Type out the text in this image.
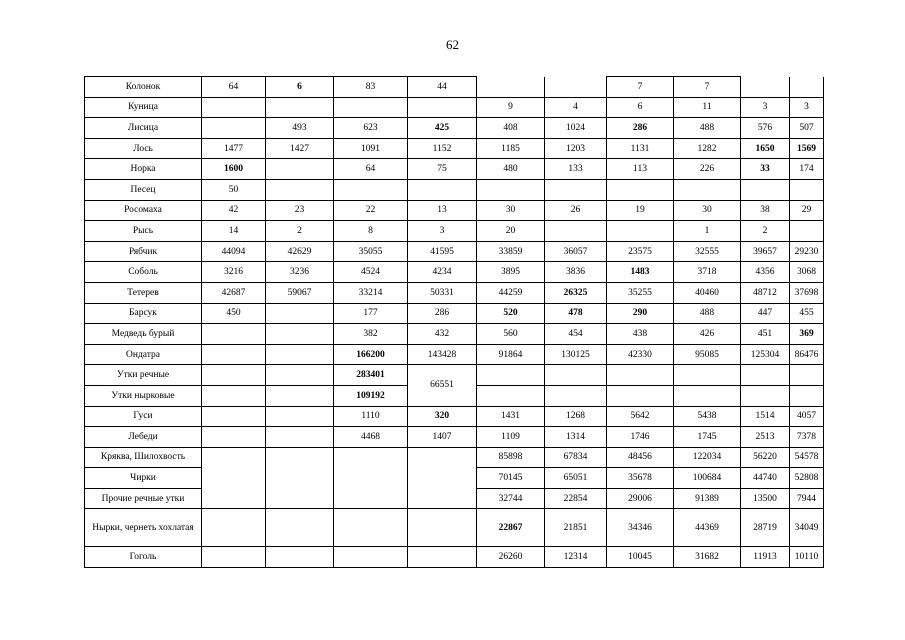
62
Колонок	64	6	83	44			7	7		
Куница					9	4	6	11	3	3
Лисица		493	623	425	408	1024	286	488	576	507
Лось	1477	1427	1091	1152	1185	1203	1131	1282	1650	1569
Норка	1600		64	75	480	133	113	226	33	174
Песец	50									
Росомаха	42	23	22	13	30	26	19	30	38	29
Рысь	14	2	8	3	20			1	2	
Рябчик	44094	42629	35055	41595	33859	36057	23575	32555	39657	29230
Соболь	3216	3236	4524	4234	3895	3836	1483	3718	4356	3068
Тетерев	42687	59067	33214	50331	44259	26325	35255	40460	48712	37698
Барсук	450		177	286	520	478	290	488	447	455
Медведь бурый			382	432	560	454	438	426	451	369
Ондатра			166200	143428	91864	130125	42330	95085	125304	86476
Утки речные			283401	66551						
Утки нырковые			109192							
Гуси			1110	320	1431	1268	5642	5438	1514	4057
Лебеди			4468	1407	1109	1314	1746	1745	2513	7378
Кряква, Шилохвость					85898	67834	48456	122034	56220	54578
Чирки					70145	65051	35678	100684	44740	52808
Прочие речные утки					32744	22854	29006	91389	13500	7944
Нырки, чернеть хохлатая					22867	21851	34346	44369	28719	34049
Гоголь					26260	12314	10045	31682	11913	10110
